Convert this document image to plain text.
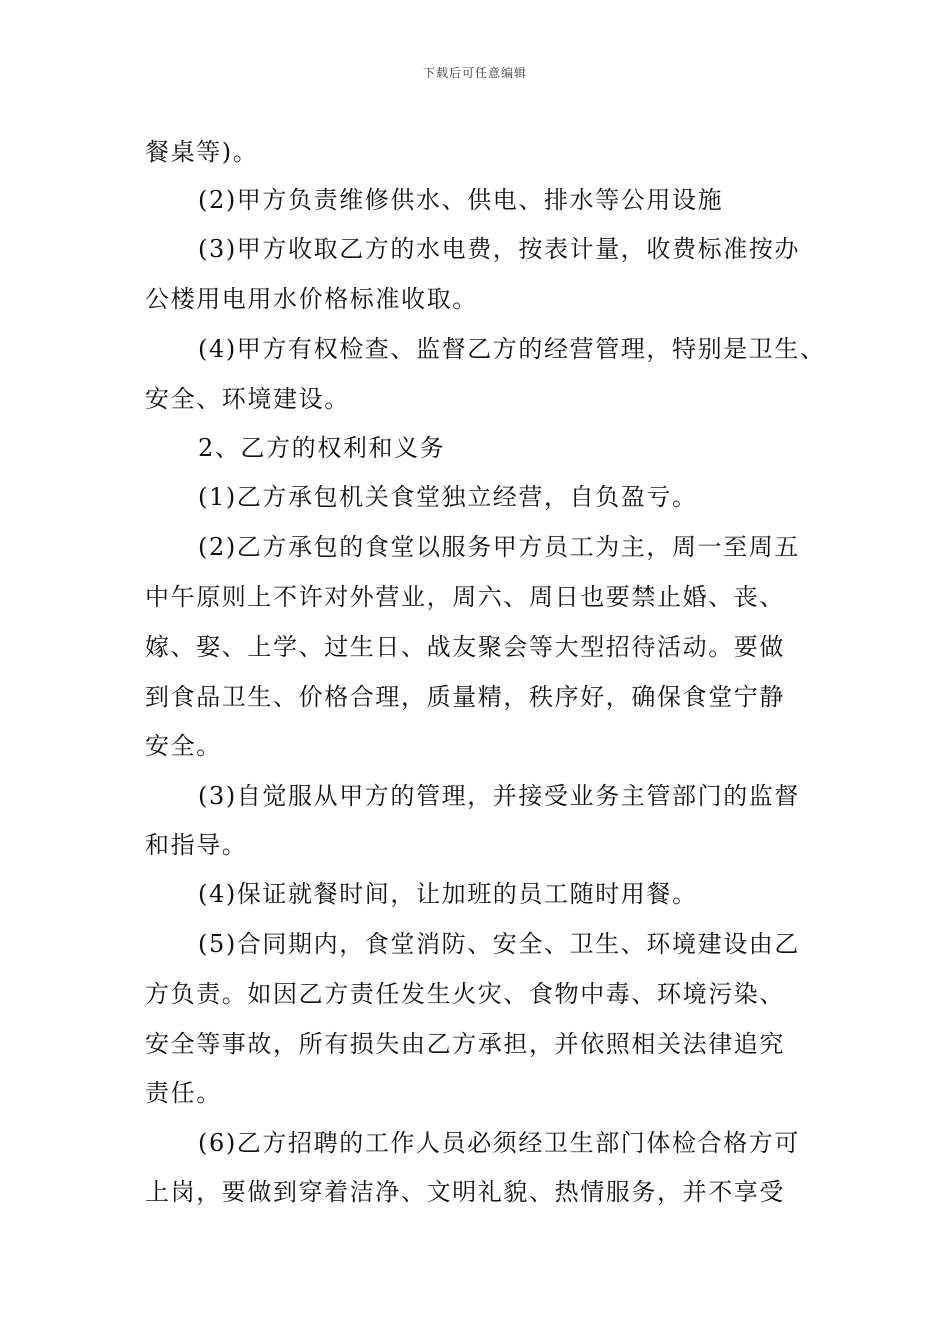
下载后可任意编辑
餐桌等)。
(2)甲方负责维修供水、供电、排水等公用设施
(3)甲方收取乙方的水电费，按表计量，收费标准按办
公楼用电用水价格标准收取。
(4)甲方有权检查、监督乙方的经营管理，特别是卫生、
安全、环境建设。
2、乙方的权利和义务
(1)乙方承包机关食堂独立经营，自负盈亏。
(2)乙方承包的食堂以服务甲方员工为主，周一至周五
中午原则上不许对外营业，周六、周日也要禁止婚、丧、
嫁、娶、上学、过生日、战友聚会等大型招待活动。要做
到食品卫生、价格合理，质量精，秩序好，确保食堂宁静
安全。
(3)自觉服从甲方的管理，并接受业务主管部门的监督
和指导。
(4)保证就餐时间，让加班的员工随时用餐。
(5)合同期内，食堂消防、安全、卫生、环境建设由乙
方负责。如因乙方责任发生火灾、食物中毒、环境污染、
安全等事故，所有损失由乙方承担，并依照相关法律追究
责任。
(6)乙方招聘的工作人员必须经卫生部门体检合格方可
上岗，要做到穿着洁净、文明礼貌、热情服务，并不享受
